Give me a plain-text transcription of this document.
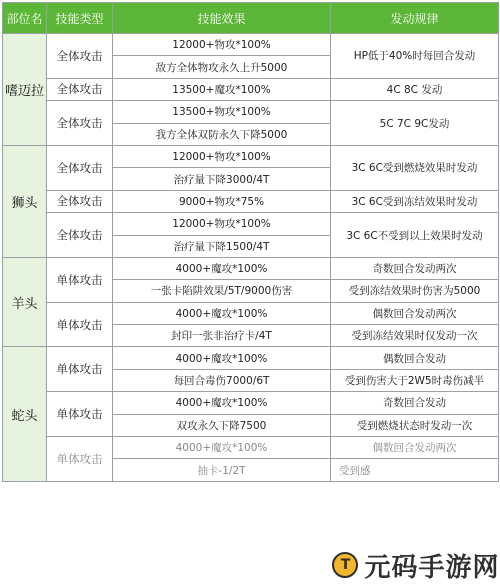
部位名	技能类型	技能效果	发动规律
嗜迈拉	全体攻击	12000+物攻*100%	HP低于40%时每回合发动
		敌方全体物攻永久上升5000	
	全体攻击	13500+魔攻*100%	4C 8C 发动
	全体攻击	13500+物攻*100%	5C 7C 9C发动
		我方全体双防永久下降5000	
狮头	全体攻击	12000+物攻*100%	3C 6C受到燃烧效果时发动
		治疗量下降3000/4T	
	全体攻击	9000+物攻*75%	3C 6C受到冻结效果时发动
	全体攻击	12000+物攻*100%	3C 6C不受到以上效果时发动
		治疗量下降1500/4T	
羊头	单体攻击	4000+魔攻*100%	奇数回合发动两次
		一张卡陷阱效果/5T/9000伤害	受到冻结效果时伤害为5000
	单体攻击	4000+魔攻*100%	偶数回合发动两次
		封印一张非治疗卡/4T	受到冻结效果时仅发动一次
蛇头	单体攻击	4000+魔攻*100%	偶数回合发动
		每回合毒伤7000/6T	受到伤害大于2W5时毒伤减半
	单体攻击	4000+魔攻*100%	奇数回合发动
		双攻永久下降7500	受到燃烧状态时发动一次
	单体攻击	4000+魔攻*100%	偶数回合发动两次
		抽卡-1/2T	受到感
T 元码手游网
